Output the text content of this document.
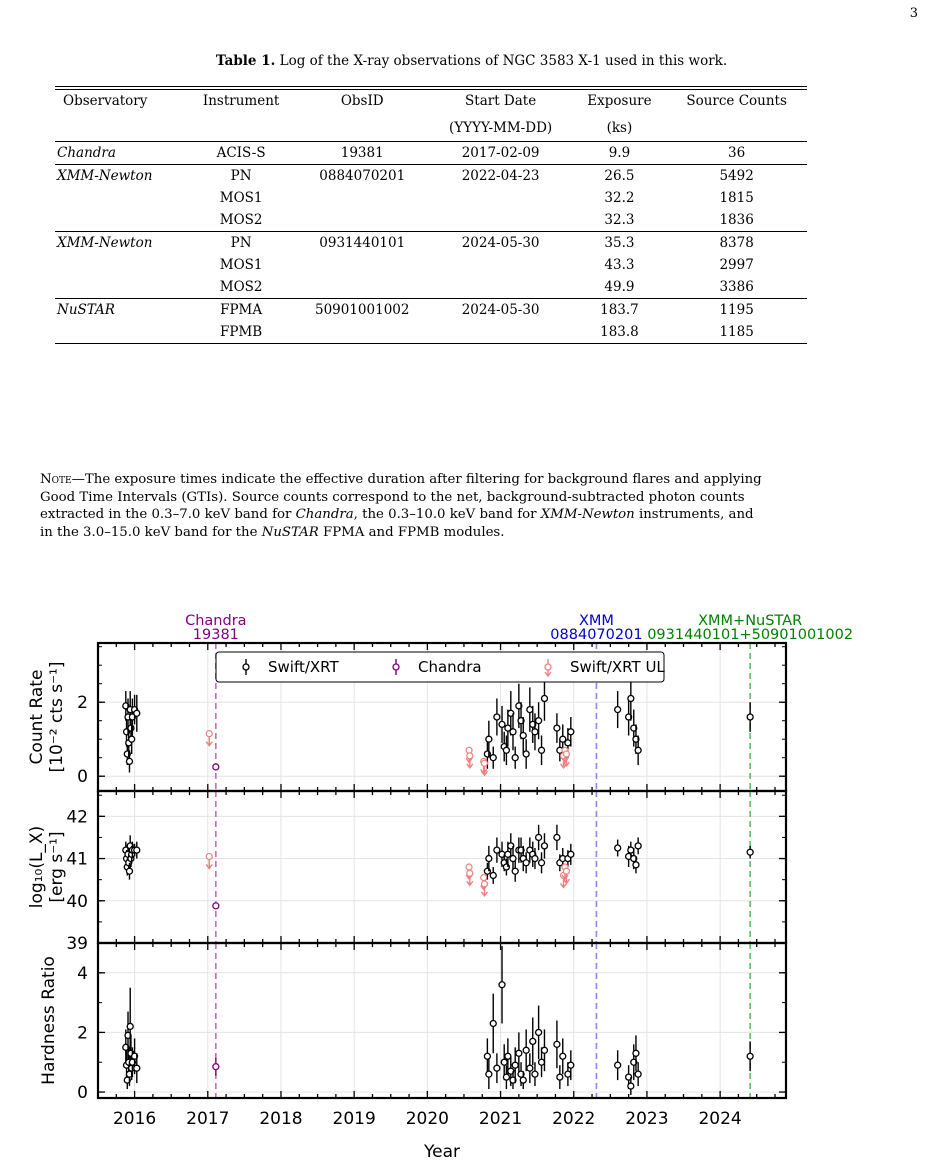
3
Table 1. Log of the X-ray observations of NGC 3583 X-1 used in this work.
Observatory	Instrument	ObsID	Start Date	Exposure	Source Counts
			(YYYY-MM-DD)	(ks)	
Chandra	ACIS-S	19381	2017-02-09	9.9	36
XMM-Newton	PN	0884070201	2022-04-23	26.5	5492
	MOS1			32.2	1815
	MOS2			32.3	1836
XMM-Newton	PN	0931440101	2024-05-30	35.3	8378
	MOS1			43.3	2997
	MOS2			49.9	3386
NuSTAR	FPMA	50901001002	2024-05-30	183.7	1195
	FPMB			183.8	1185
Note—The exposure times indicate the effective duration after filtering for background flares and applying Good Time Intervals (GTIs). Source counts correspond to the net, background-subtracted photon counts extracted in the 0.3–7.0 keV band for Chandra, the 0.3–10.0 keV band for XMM-Newton instruments, and in the 3.0–15.0 keV band for the NuSTAR FPMA and FPMB modules.
0
2
Count Rate [10⁻² cts s⁻¹]
39
40
41
42
log₁₀(L_X) [erg s⁻¹]
0
2
4
Hardness Ratio
2016 2017 2018 2019 2020 2021 2022 2023 2024
Year
Chandra
19381
XMM
0884070201
XMM+NuSTAR
0931440101+50901001002
Swift/XRT	Chandra	Swift/XRT UL
